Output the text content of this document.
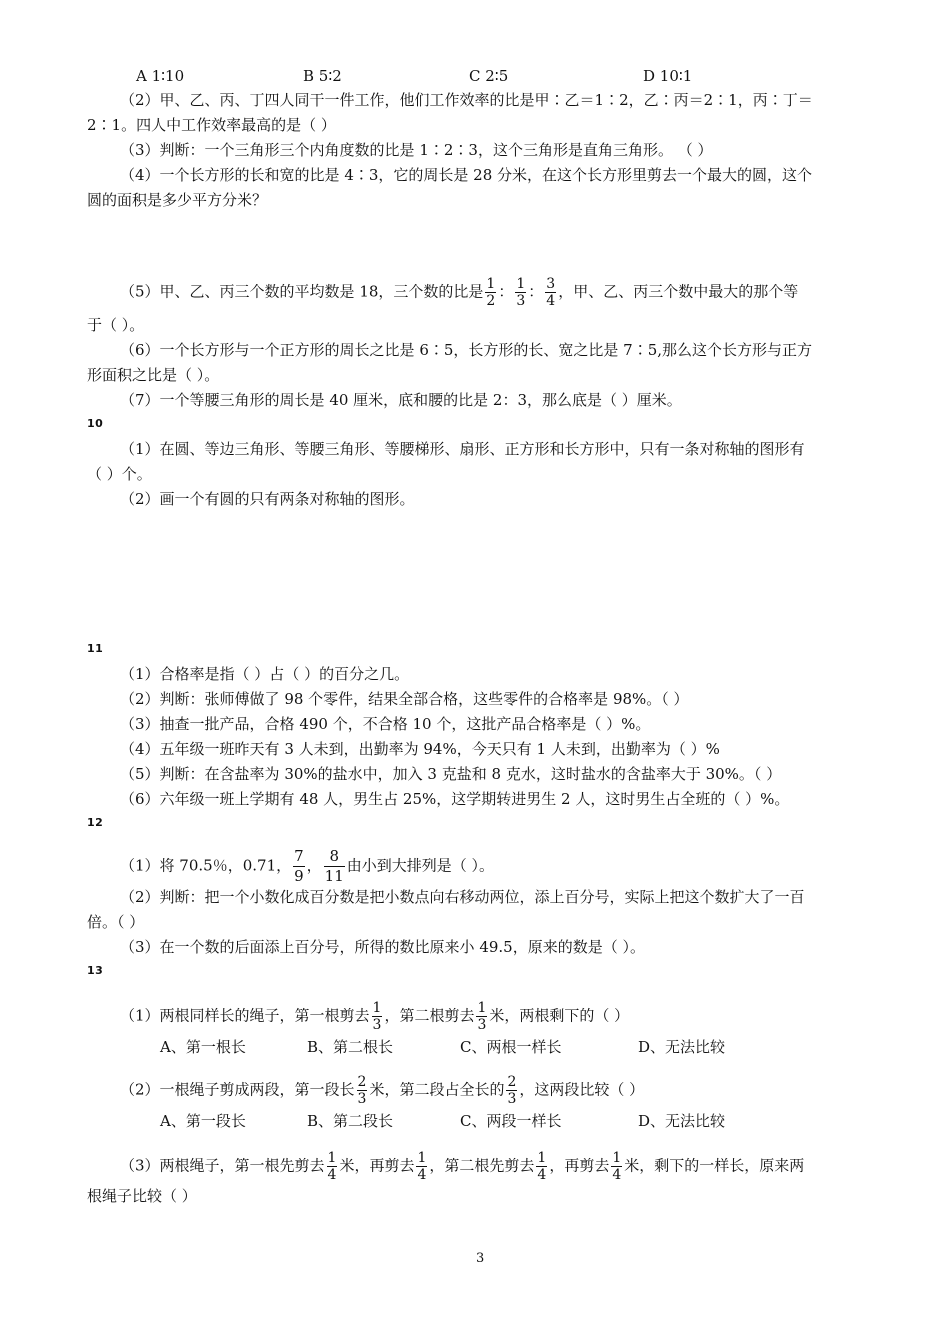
A 1∶10	B 5∶2	C 2∶5	D 10∶1
（2）甲、乙、丙、丁四人同干一件工作，他们工作效率的比是甲∶乙＝1∶2，乙∶丙＝2∶1，丙∶丁＝
2∶1。四人中工作效率最高的是（ ）
（3）判断：一个三角形三个内角度数的比是 1∶2∶3，这个三角形是直角三角形。 （ ）
（4）一个长方形的长和宽的比是 4∶3，它的周长是 28 分米，在这个长方形里剪去一个最大的圆，这个
圆的面积是多少平方分米？
（5）甲、乙、丙三个数的平均数是 18，三个数的比是 $\frac{1}{2}$ ： $\frac{1}{3}$ ： $\frac{3}{4}$ ，甲、乙、丙三个数中最大的那个等
于（ ）。
（6）一个长方形与一个正方形的周长之比是 6∶5，长方形的长、宽之比是 7∶5,那么这个长方形与正方
形面积之比是（ ）。
（7）一个等腰三角形的周长是 40 厘米，底和腰的比是 2：3，那么底是（ ）厘米。
10
（1）在圆、等边三角形、等腰三角形、等腰梯形、扇形、正方形和长方形中，只有一条对称轴的图形有
（ ）个。
（2）画一个有圆的只有两条对称轴的图形。
11
（1）合格率是指（ ）占（ ）的百分之几。
（2）判断：张师傅做了 98 个零件，结果全部合格，这些零件的合格率是 98%。（ ）
（3）抽查一批产品，合格 490 个，不合格 10 个，这批产品合格率是（ ）%。
（4）五年级一班昨天有 3 人未到，出勤率为 94%，今天只有 1 人未到，出勤率为（ ）%
（5）判断：在含盐率为 30%的盐水中，加入 3 克盐和 8 克水，这时盐水的含盐率大于 30%。（ ）
（6）六年级一班上学期有 48 人，男生占 25%，这学期转进男生 2 人，这时男生占全班的（ ）%。
12
（1）将 70.5％，0.71， $\frac{7}{9}$ ， $\frac{8}{11}$ 由小到大排列是（ ）。
（2）判断：把一个小数化成百分数是把小数点向右移动两位，添上百分号，实际上把这个数扩大了一百
倍。（ ）
（3）在一个数的后面添上百分号，所得的数比原来小 49.5，原来的数是（ ）。
13
（1）两根同样长的绳子，第一根剪去 $\frac{1}{3}$ ，第二根剪去 $\frac{1}{3}$ 米，两根剩下的（ ）
A、第一根长	B、第二根长	C、两根一样长	D、无法比较
（2）一根绳子剪成两段，第一段长 $\frac{2}{3}$ 米，第二段占全长的 $\frac{2}{3}$ ，这两段比较（ ）
A、第一段长	B、第二段长	C、两段一样长	D、无法比较
（3）两根绳子，第一根先剪去 $\frac{1}{4}$ 米，再剪去 $\frac{1}{4}$ ，第二根先剪去 $\frac{1}{4}$ ，再剪去 $\frac{1}{4}$ 米，剩下的一样长，原来两
根绳子比较（ ）
3
